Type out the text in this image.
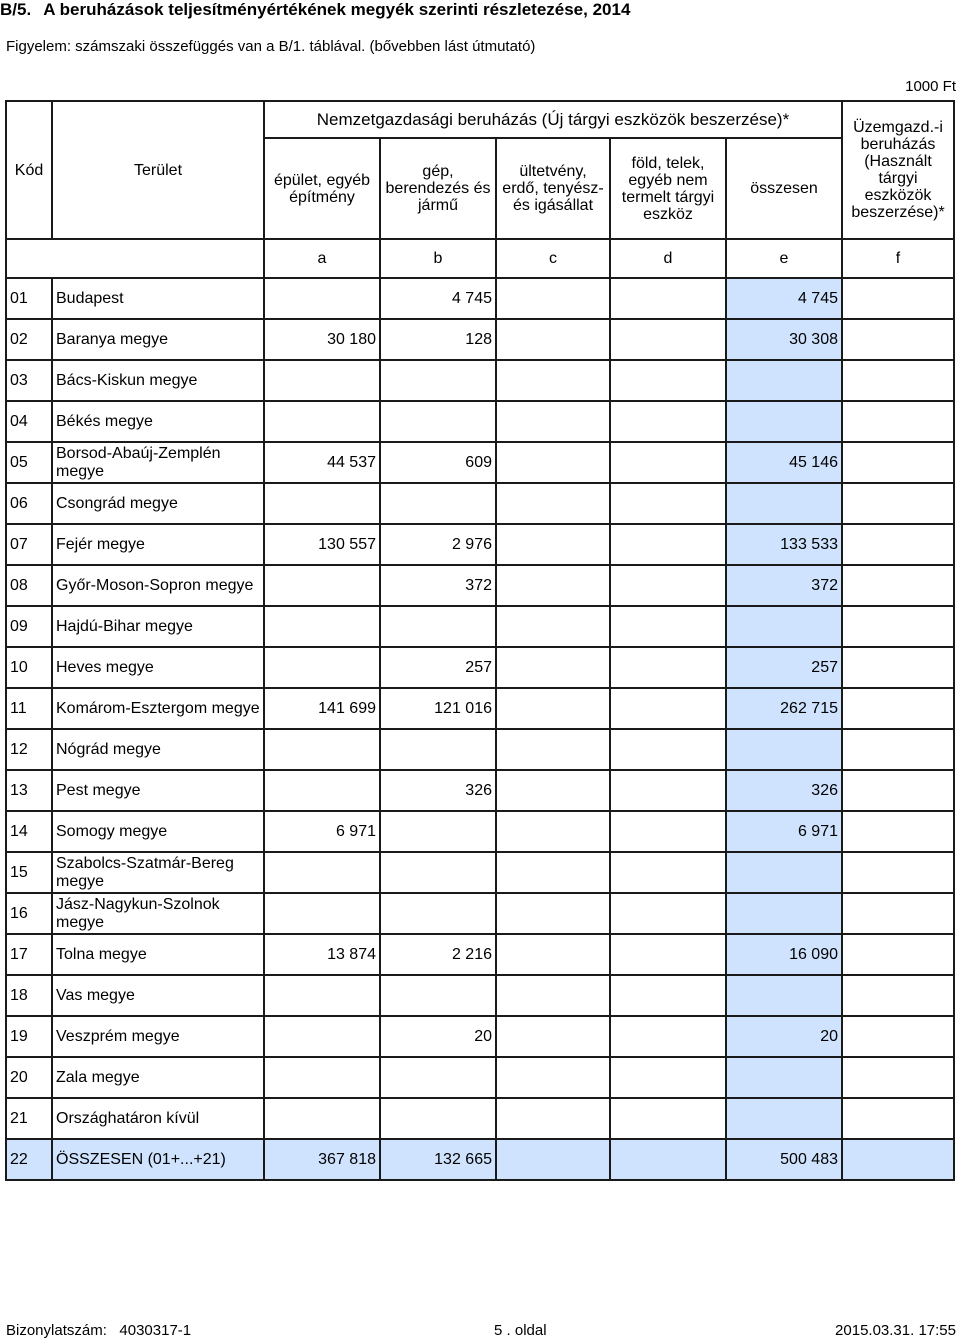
B/5. A beruházások teljesítményértékének megyék szerinti részletezése, 2014
Figyelem: számszaki összefüggés van a B/1. táblával. (bővebben lást útmutató)
1000 Ft
Kód	Terület	Nemzetgazdasági beruházás (Új tárgyi eszközök beszerzése)*					Üzemgazd.-i beruházás (Használt tárgyi eszközök beszerzése)*
		épület, egyéb építmény	gép, berendezés és jármű	ültetvény, erdő, tenyész- és igásállat	föld, telek, egyéb nem termelt tárgyi eszköz	összesen	
		a	b	c	d	e	f
01	Budapest		4 745			4 745	
02	Baranya megye	30 180	128			30 308	
03	Bács-Kiskun megye						
04	Békés megye						
05	Borsod-Abaúj-Zemplén megye	44 537	609			45 146	
06	Csongrád megye						
07	Fejér megye	130 557	2 976			133 533	
08	Győr-Moson-Sopron megye		372			372	
09	Hajdú-Bihar megye						
10	Heves megye		257			257	
11	Komárom-Esztergom megye	141 699	121 016			262 715	
12	Nógrád megye						
13	Pest megye		326			326	
14	Somogy megye	6 971				6 971	
15	Szabolcs-Szatmár-Bereg megye						
16	Jász-Nagykun-Szolnok megye						
17	Tolna megye	13 874	2 216			16 090	
18	Vas megye						
19	Veszprém megye		20			20	
20	Zala megye						
21	Országhatáron kívül						
22	ÖSSZESEN (01+...+21)	367 818	132 665			500 483	
Bizonylatszám: 4030317-1	5 . oldal	2015.03.31. 17:55
